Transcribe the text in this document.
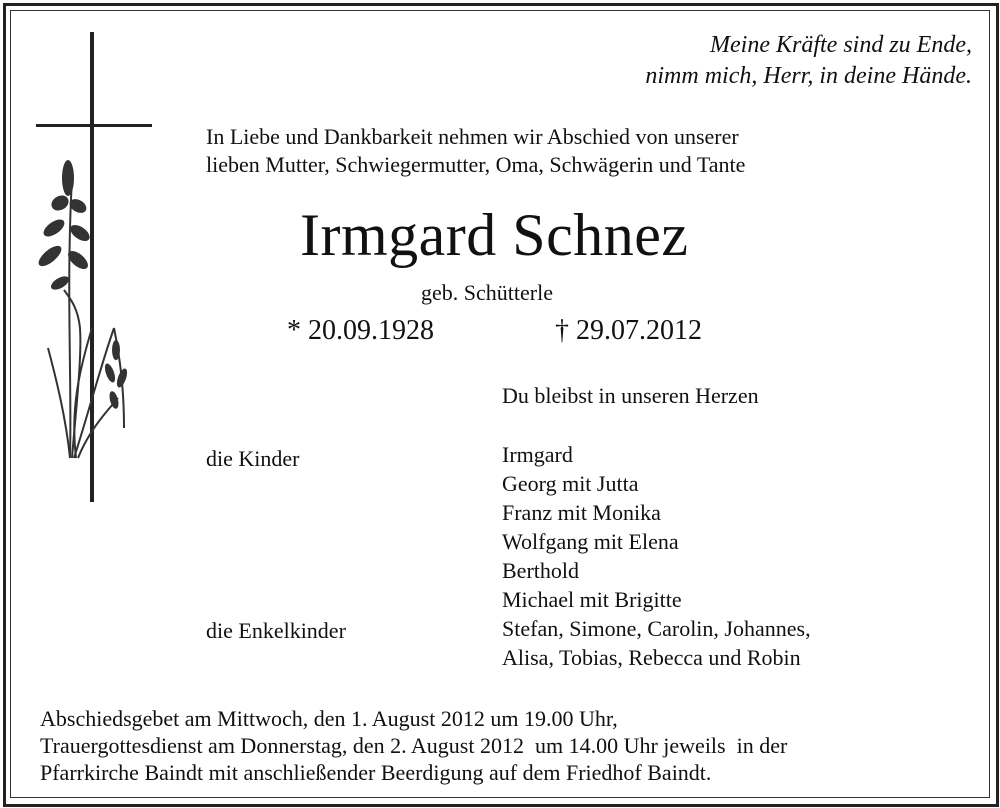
Meine Kräfte sind zu Ende,
nimm mich, Herr, in deine Hände.
In Liebe und Dankbarkeit nehmen wir Abschied von unserer
lieben Mutter, Schwiegermutter, Oma, Schwägerin und Tante
Irmgard Schnez
geb. Schütterle
* 20.09.1928	† 29.07.2012
Du bleibst in unseren Herzen
die Kinder
die Enkelkinder
Irmgard
Georg mit Jutta
Franz mit Monika
Wolfgang mit Elena
Berthold
Michael mit Brigitte
Stefan, Simone, Carolin, Johannes,
Alisa, Tobias, Rebecca und Robin
Abschiedsgebet am Mittwoch, den 1. August 2012 um 19.00 Uhr,
Trauergottesdienst am Donnerstag, den 2. August 2012  um 14.00 Uhr jeweils  in der
Pfarrkirche Baindt mit anschließender Beerdigung auf dem Friedhof Baindt.
